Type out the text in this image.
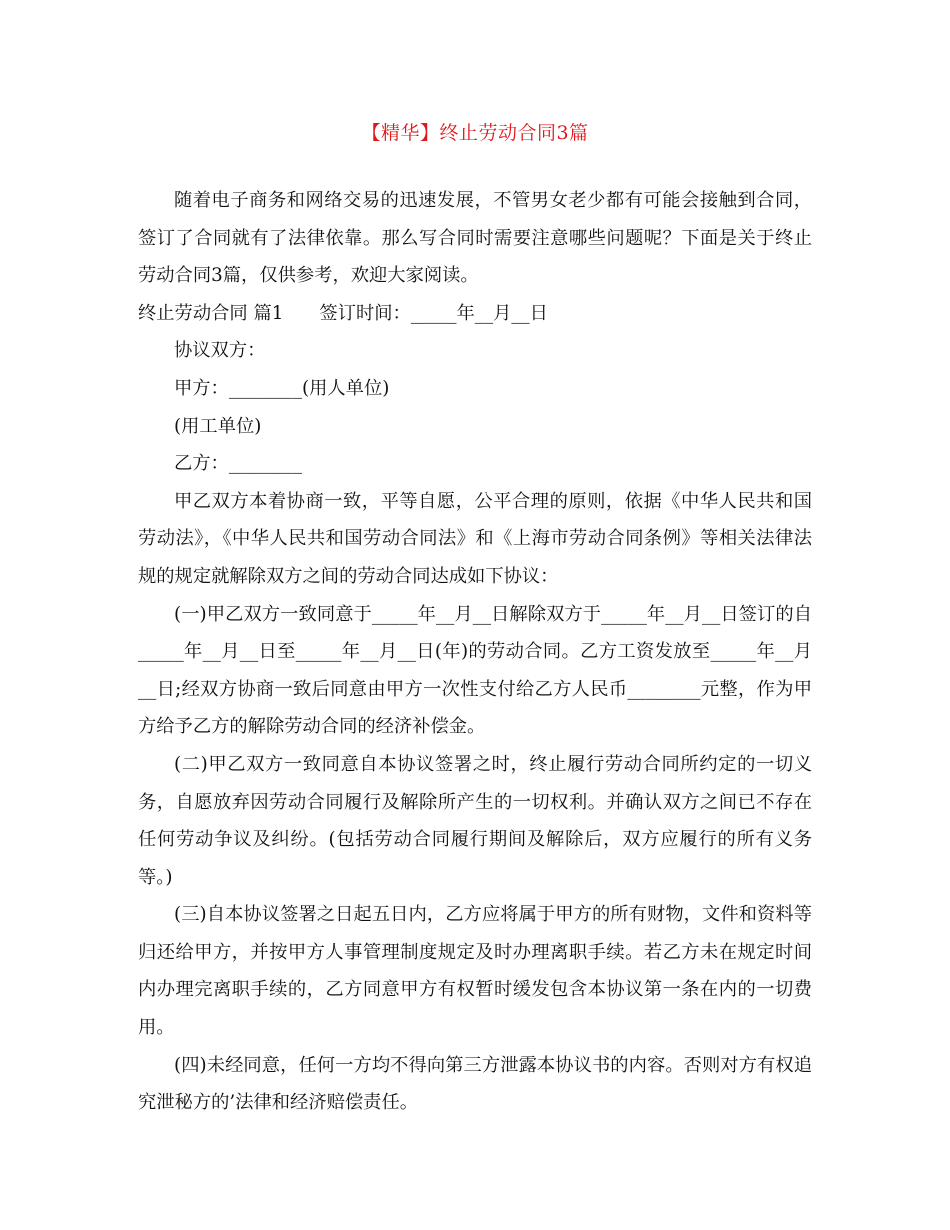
【精华】终止劳动合同3篇

随着电子商务和网络交易的迅速发展，不管男女老少都有可能会接触到合同，签订了合同就有了法律依靠。那么写合同时需要注意哪些问题呢？下面是关于终止劳动合同3篇，仅供参考，欢迎大家阅读。

终止劳动合同 篇1 签订时间：_____年__月__日

协议双方：

甲方：________(用人单位)

(用工单位)

乙方：________

甲乙双方本着协商一致，平等自愿，公平合理的原则，依据《中华人民共和国劳动法》，《中华人民共和国劳动合同法》和《上海市劳动合同条例》等相关法律法规的规定就解除双方之间的劳动合同达成如下协议：

(一)甲乙双方一致同意于_____年__月__日解除双方于_____年__月__日签订的自_____年__月__日至_____年__月__日(年)的劳动合同。乙方工资发放至_____年__月__日;经双方协商一致后同意由甲方一次性支付给乙方人民币________元整，作为甲方给予乙方的解除劳动合同的经济补偿金。

(二)甲乙双方一致同意自本协议签署之时，终止履行劳动合同所约定的一切义务，自愿放弃因劳动合同履行及解除所产生的一切权利。并确认双方之间已不存在任何劳动争议及纠纷。(包括劳动合同履行期间及解除后，双方应履行的所有义务等。)

(三)自本协议签署之日起五日内，乙方应将属于甲方的所有财物，文件和资料等归还给甲方，并按甲方人事管理制度规定及时办理离职手续。若乙方未在规定时间内办理完离职手续的，乙方同意甲方有权暂时缓发包含本协议第一条在内的一切费用。

(四)未经同意，任何一方均不得向第三方泄露本协议书的内容。否则对方有权追究泄秘方的’法律和经济赔偿责任。
